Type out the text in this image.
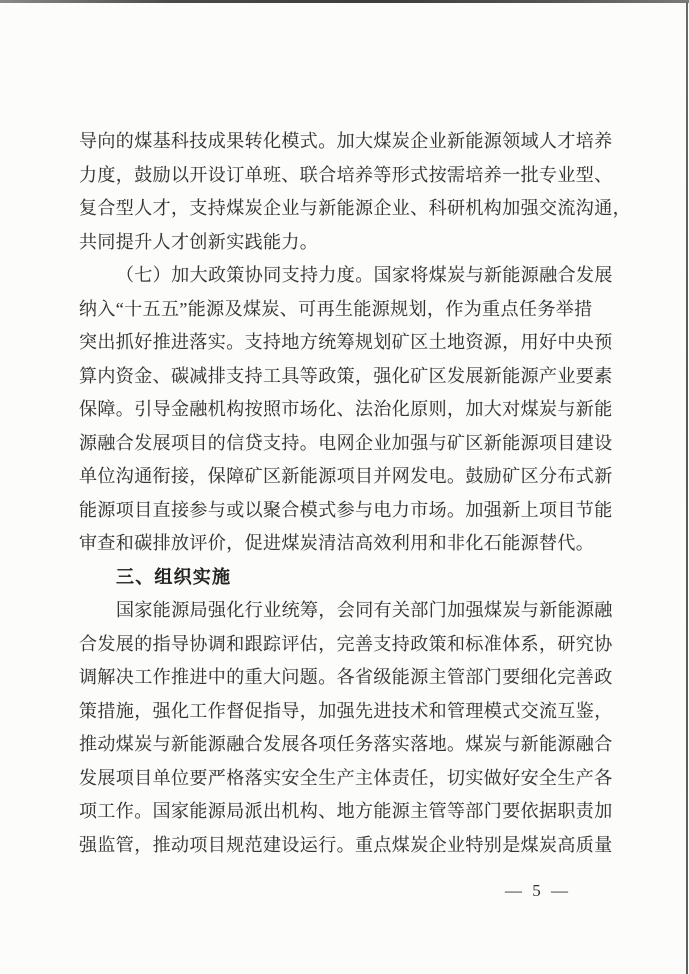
导向的煤基科技成果转化模式。加大煤炭企业新能源领域人才培养
力度，鼓励以开设订单班、联合培养等形式按需培养一批专业型、
复合型人才，支持煤炭企业与新能源企业、科研机构加强交流沟通，
共同提升人才创新实践能力。
（七）加大政策协同支持力度。国家将煤炭与新能源融合发展
纳入“十五五”能源及煤炭、可再生能源规划，作为重点任务举措
突出抓好推进落实。支持地方统筹规划矿区土地资源，用好中央预
算内资金、碳减排支持工具等政策，强化矿区发展新能源产业要素
保障。引导金融机构按照市场化、法治化原则，加大对煤炭与新能
源融合发展项目的信贷支持。电网企业加强与矿区新能源项目建设
单位沟通衔接，保障矿区新能源项目并网发电。鼓励矿区分布式新
能源项目直接参与或以聚合模式参与电力市场。加强新上项目节能
审查和碳排放评价，促进煤炭清洁高效利用和非化石能源替代。
三、组织实施
国家能源局强化行业统筹，会同有关部门加强煤炭与新能源融
合发展的指导协调和跟踪评估，完善支持政策和标准体系，研究协
调解决工作推进中的重大问题。各省级能源主管部门要细化完善政
策措施，强化工作督促指导，加强先进技术和管理模式交流互鉴，
推动煤炭与新能源融合发展各项任务落实落地。煤炭与新能源融合
发展项目单位要严格落实安全生产主体责任，切实做好安全生产各
项工作。国家能源局派出机构、地方能源主管等部门要依据职责加
强监管，推动项目规范建设运行。重点煤炭企业特别是煤炭高质量
— 5 —
